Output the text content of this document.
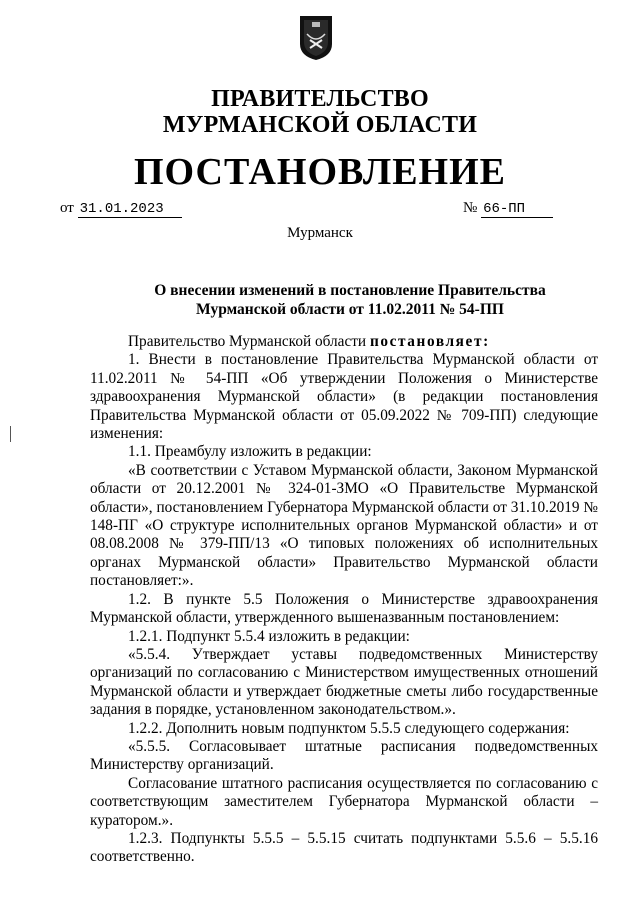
ПРАВИТЕЛЬСТВО
МУРМАНСКОЙ ОБЛАСТИ
ПОСТАНОВЛЕНИЕ
от 31.01.2023	№ 66-ПП
Мурманск
О внесении изменений в постановление Правительства
Мурманской области от 11.02.2011 № 54-ПП

Правительство Мурманской области постановляет:

1. Внести в постановление Правительства Мурманской области от 11.02.2011 № 54-ПП «Об утверждении Положения о Министерстве здравоохранения Мурманской области» (в редакции постановления Правительства Мурманской области от 05.09.2022 № 709-ПП) следующие изменения:

1.1. Преамбулу изложить в редакции:

«В соответствии с Уставом Мурманской области, Законом Мурманской области от 20.12.2001 № 324-01-ЗМО «О Правительстве Мурманской области», постановлением Губернатора Мурманской области от 31.10.2019 № 148-ПГ «О структуре исполнительных органов Мурманской области» и от 08.08.2008 № 379-ПП/13 «О типовых положениях об исполнительных органах Мурманской области» Правительство Мурманской области постановляет:».

1.2. В пункте 5.5 Положения о Министерстве здравоохранения Мурманской области, утвержденного вышеназванным постановлением:

1.2.1. Подпункт 5.5.4 изложить в редакции:

«5.5.4. Утверждает уставы подведомственных Министерству организаций по согласованию с Министерством имущественных отношений Мурманской области и утверждает бюджетные сметы либо государственные задания в порядке, установленном законодательством.».

1.2.2. Дополнить новым подпунктом 5.5.5 следующего содержания:

«5.5.5. Согласовывает штатные расписания подведомственных Министерству организаций.

Согласование штатного расписания осуществляется по согласованию с соответствующим заместителем Губернатора Мурманской области – куратором.».

1.2.3. Подпункты 5.5.5 – 5.5.15 считать подпунктами 5.5.6 – 5.5.16 соответственно.
